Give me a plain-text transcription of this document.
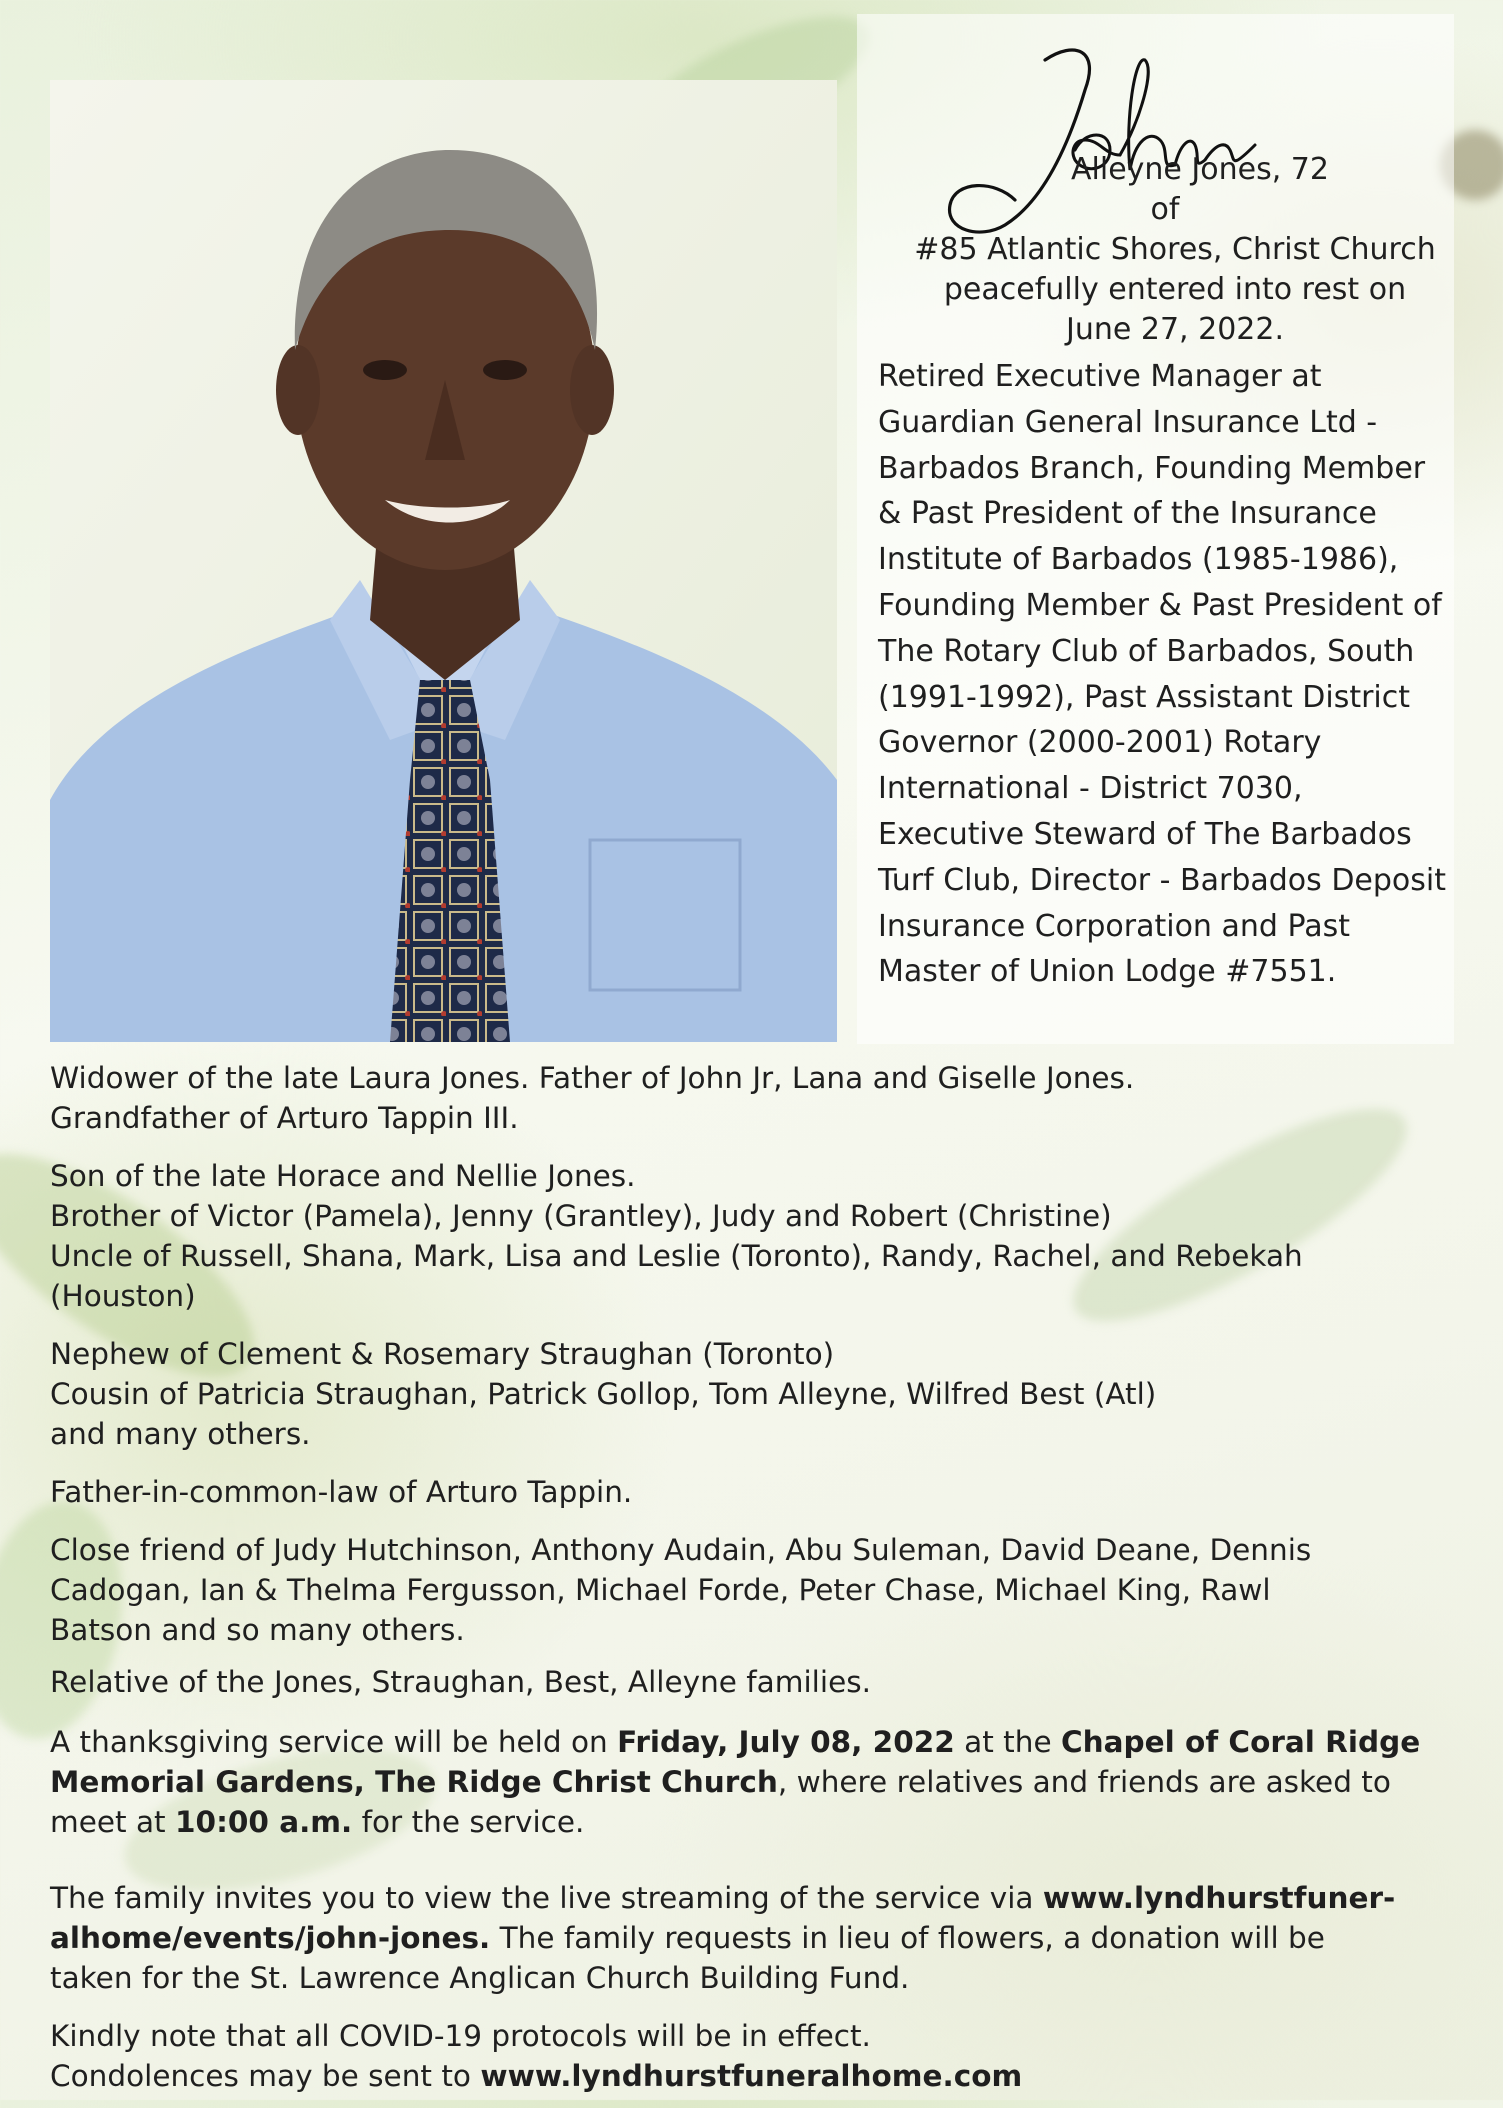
Alleyne Jones, 72
of
#85 Atlantic Shores, Christ Church
peacefully entered into rest on
June 27, 2022.
Retired Executive Manager at Guardian General Insurance Ltd - Barbados Branch, Founding Member & Past President of the Insurance Institute of Barbados (1985-1986), Founding Member & Past President of The Rotary Club of Barbados, South (1991-1992), Past Assistant District Governor (2000-2001) Rotary International - District 7030, Executive Steward of The Barbados Turf Club, Director - Barbados Deposit Insurance Corporation and Past Master of Union Lodge #7551.
Widower of the late Laura Jones. Father of John Jr, Lana and Giselle Jones.
Grandfather of Arturo Tappin III.
Son of the late Horace and Nellie Jones.
Brother of Victor (Pamela), Jenny (Grantley), Judy and Robert (Christine)
Uncle of Russell, Shana, Mark, Lisa and Leslie (Toronto), Randy, Rachel, and Rebekah
(Houston)
Nephew of Clement & Rosemary Straughan (Toronto)
Cousin of Patricia Straughan, Patrick Gollop, Tom Alleyne, Wilfred Best (Atl)
and many others.
Father-in-common-law of Arturo Tappin.
Close friend of Judy Hutchinson, Anthony Audain, Abu Suleman, David Deane, Dennis
Cadogan, Ian & Thelma Fergusson, Michael Forde, Peter Chase, Michael King, Rawl
Batson and so many others.
Relative of the Jones, Straughan, Best, Alleyne families.
A thanksgiving service will be held on Friday, July 08, 2022 at the Chapel of Coral Ridge
Memorial Gardens, The Ridge Christ Church, where relatives and friends are asked to
meet at 10:00 a.m. for the service.
The family invites you to view the live streaming of the service via www.lyndhurstfuner-
alhome/events/john-jones. The family requests in lieu of flowers, a donation will be
taken for the St. Lawrence Anglican Church Building Fund.
Kindly note that all COVID-19 protocols will be in effect.
Condolences may be sent to www.lyndhurstfuneralhome.com
